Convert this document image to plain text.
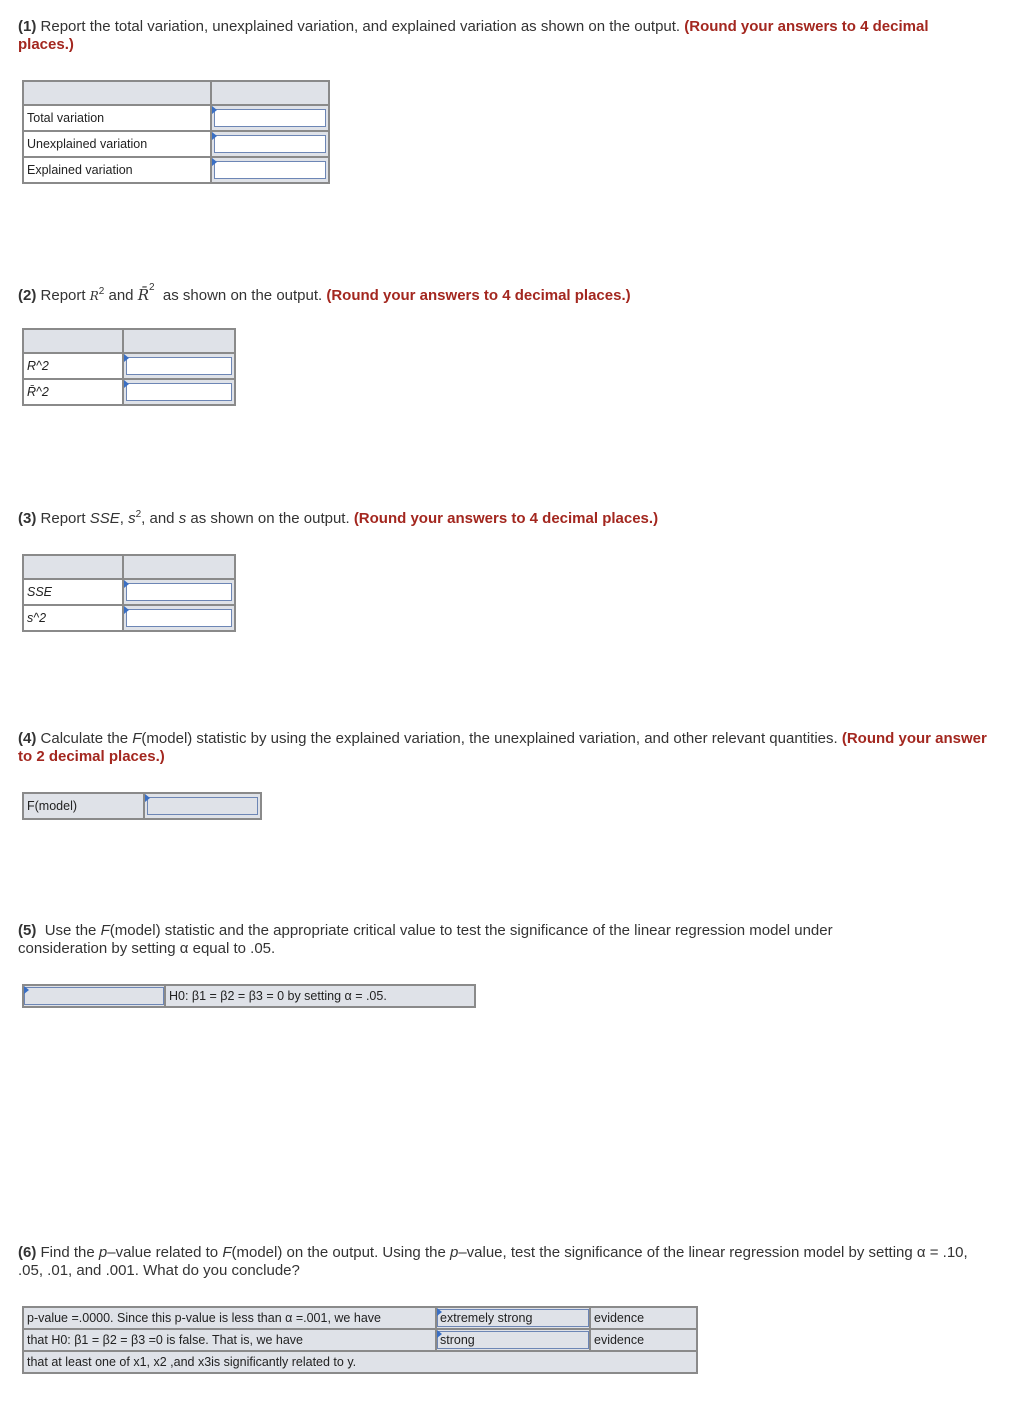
(1) Report the total variation, unexplained variation, and explained variation as shown on the output. (Round your answers to 4 decimal places.)

Total variation	

Unexplained variation	

Explained variation	
(2) Report $R^2$ and R̄$^2$ as shown on the output. (Round your answers to 4 decimal places.)

R^2	

R̄^2	
(3) Report SSE, $s^2$, and s as shown on the output. (Round your answers to 4 decimal places.)

SSE	

s^2	
(4) Calculate the F(model) statistic by using the explained variation, the unexplained variation, and other relevant quantities. (Round your answer to 2 decimal places.)
F(model)	
(5) Use the F(model) statistic and the appropriate critical value to test the significance of the linear regression model under consideration by setting α equal to .05.
	H0: β1 = β2 = β3 = 0 by setting α = .05.
(6) Find the p–value related to F(model) on the output. Using the p–value, test the significance of the linear regression model by setting α = .10, .05, .01, and .001. What do you conclude?
p-value =.0000. Since this p-value is less than α =.001, we have	extremely strong	evidence
that H0: β1 = β2 = β3 =0 is false. That is, we have	strong	evidence
that at least one of x1, x2 ,and x3is significantly related to y.		
